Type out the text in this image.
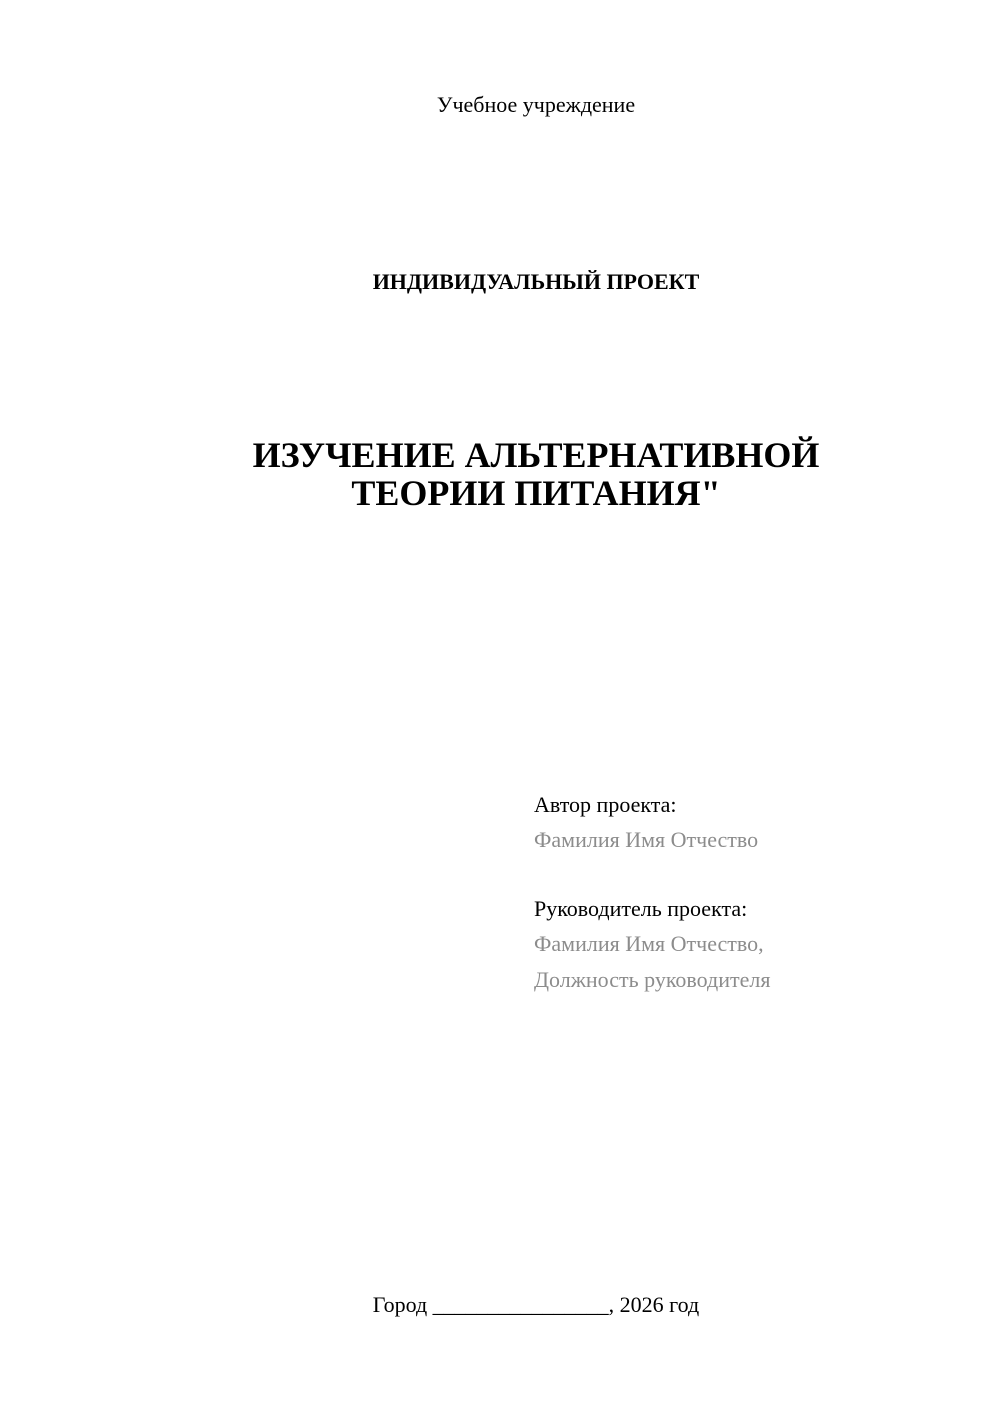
Учебное учреждение
ИНДИВИДУАЛЬНЫЙ ПРОЕКТ
ИЗУЧЕНИЕ АЛЬТЕРНАТИВНОЙ
ТЕОРИИ ПИТАНИЯ"
Автор проекта:
Фамилия Имя Отчество
Руководитель проекта:
Фамилия Имя Отчество,
Должность руководителя
Город ________________, 2026 год
